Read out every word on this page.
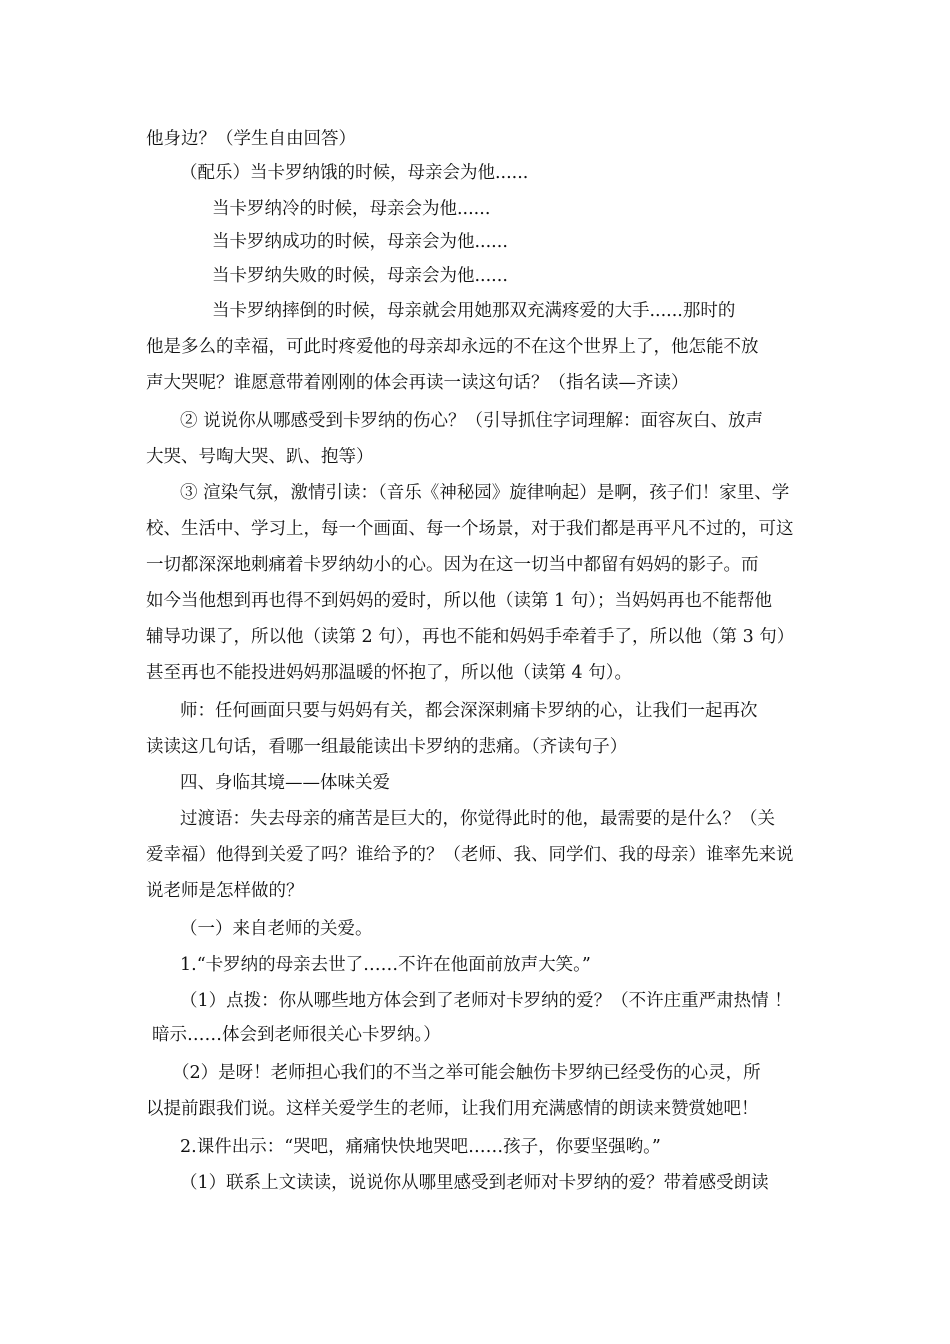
他身边？（学生自由回答）
（配乐）当卡罗纳饿的时候，母亲会为他......
当卡罗纳冷的时候，母亲会为他......
当卡罗纳成功的时候，母亲会为他......
当卡罗纳失败的时候，母亲会为他......
当卡罗纳摔倒的时候，母亲就会用她那双充满疼爱的大手......那时的
他是多么的幸福，可此时疼爱他的母亲却永远的不在这个世界上了，他怎能不放
声大哭呢？谁愿意带着刚刚的体会再读一读这句话？（指名读—齐读）
② 说说你从哪感受到卡罗纳的伤心？（引导抓住字词理解：面容灰白、放声
大哭、号啕大哭、趴、抱等）
③ 渲染气氛，激情引读：（音乐《神秘园》旋律响起）是啊，孩子们！家里、学
校、生活中、学习上，每一个画面、每一个场景，对于我们都是再平凡不过的，可这
一切都深深地刺痛着卡罗纳幼小的心。因为在这一切当中都留有妈妈的影子。而
如今当他想到再也得不到妈妈的爱时，所以他（读第 1 句）；当妈妈再也不能帮他
辅导功课了，所以他（读第 2 句），再也不能和妈妈手牵着手了，所以他（第 3 句）
甚至再也不能投进妈妈那温暖的怀抱了，所以他（读第 4 句）。
师：任何画面只要与妈妈有关，都会深深刺痛卡罗纳的心，让我们一起再次
读读这几句话，看哪一组最能读出卡罗纳的悲痛。（齐读句子）
四、身临其境——体味关爱
过渡语：失去母亲的痛苦是巨大的，你觉得此时的他，最需要的是什么？（关
爱幸福）他得到关爱了吗？谁给予的？（老师、我、同学们、我的母亲）谁率先来说
说老师是怎样做的？
（一）来自老师的关爱。
1.“卡罗纳的母亲去世了……不许在他面前放声大笑。”
（1）点拨：你从哪些地方体会到了老师对卡罗纳的爱？（不许庄重严肃热情 ！
暗示……体会到老师很关心卡罗纳。）
（2）是呀！老师担心我们的不当之举可能会触伤卡罗纳已经受伤的心灵，所
以提前跟我们说。这样关爱学生的老师，让我们用充满感情的朗读来赞赏她吧！
2.课件出示：“哭吧，痛痛快快地哭吧……孩子，你要坚强哟。”
（1）联系上文读读，说说你从哪里感受到老师对卡罗纳的爱？带着感受朗读
